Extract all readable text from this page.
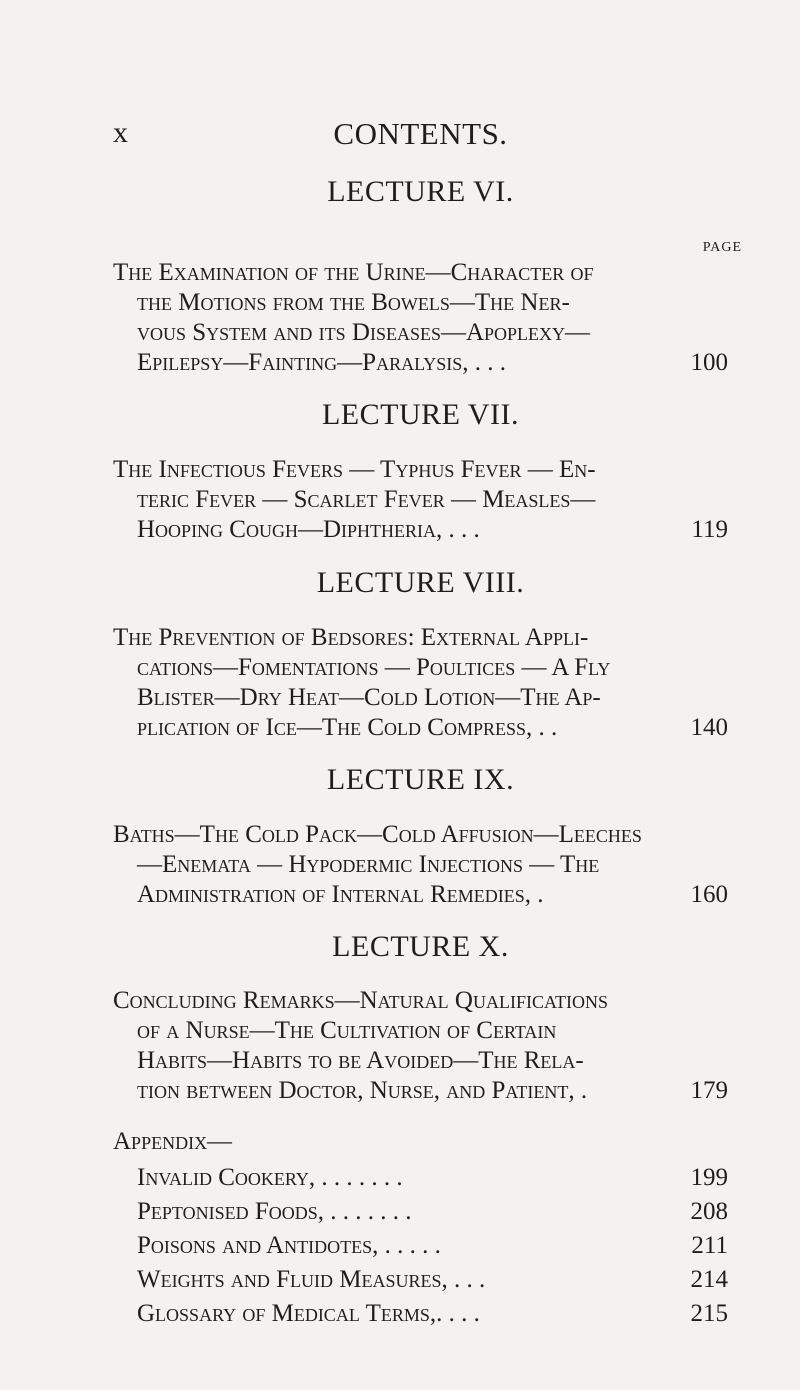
x	CONTENTS.
LECTURE VI.
PAGE
The Examination of the Urine—Character of
the Motions from the Bowels—The Ner-
vous System and its Diseases—Apoplexy—
Epilepsy—Fainting—Paralysis, . . .	100
LECTURE VII.
The Infectious Fevers — Typhus Fever — En-
teric Fever — Scarlet Fever — Measles—
Hooping Cough—Diphtheria, . . .	119
LECTURE VIII.
The Prevention of Bedsores: External Appli-
cations—Fomentations — Poultices — A Fly
Blister—Dry Heat—Cold Lotion—The Ap-
plication of Ice—The Cold Compress, . .	140
LECTURE IX.
Baths—The Cold Pack—Cold Affusion—Leeches
—Enemata — Hypodermic Injections — The
Administration of Internal Remedies, .	160
LECTURE X.
Concluding Remarks—Natural Qualifications
of a Nurse—The Cultivation of Certain
Habits—Habits to be Avoided—The Rela-
tion between Doctor, Nurse, and Patient, .	179
Appendix—
Invalid Cookery, . . . . . . .	199
Peptonised Foods, . . . . . . .	208
Poisons and Antidotes, . . . . .	211
Weights and Fluid Measures, . . .	214
Glossary of Medical Terms,. . . .	215
